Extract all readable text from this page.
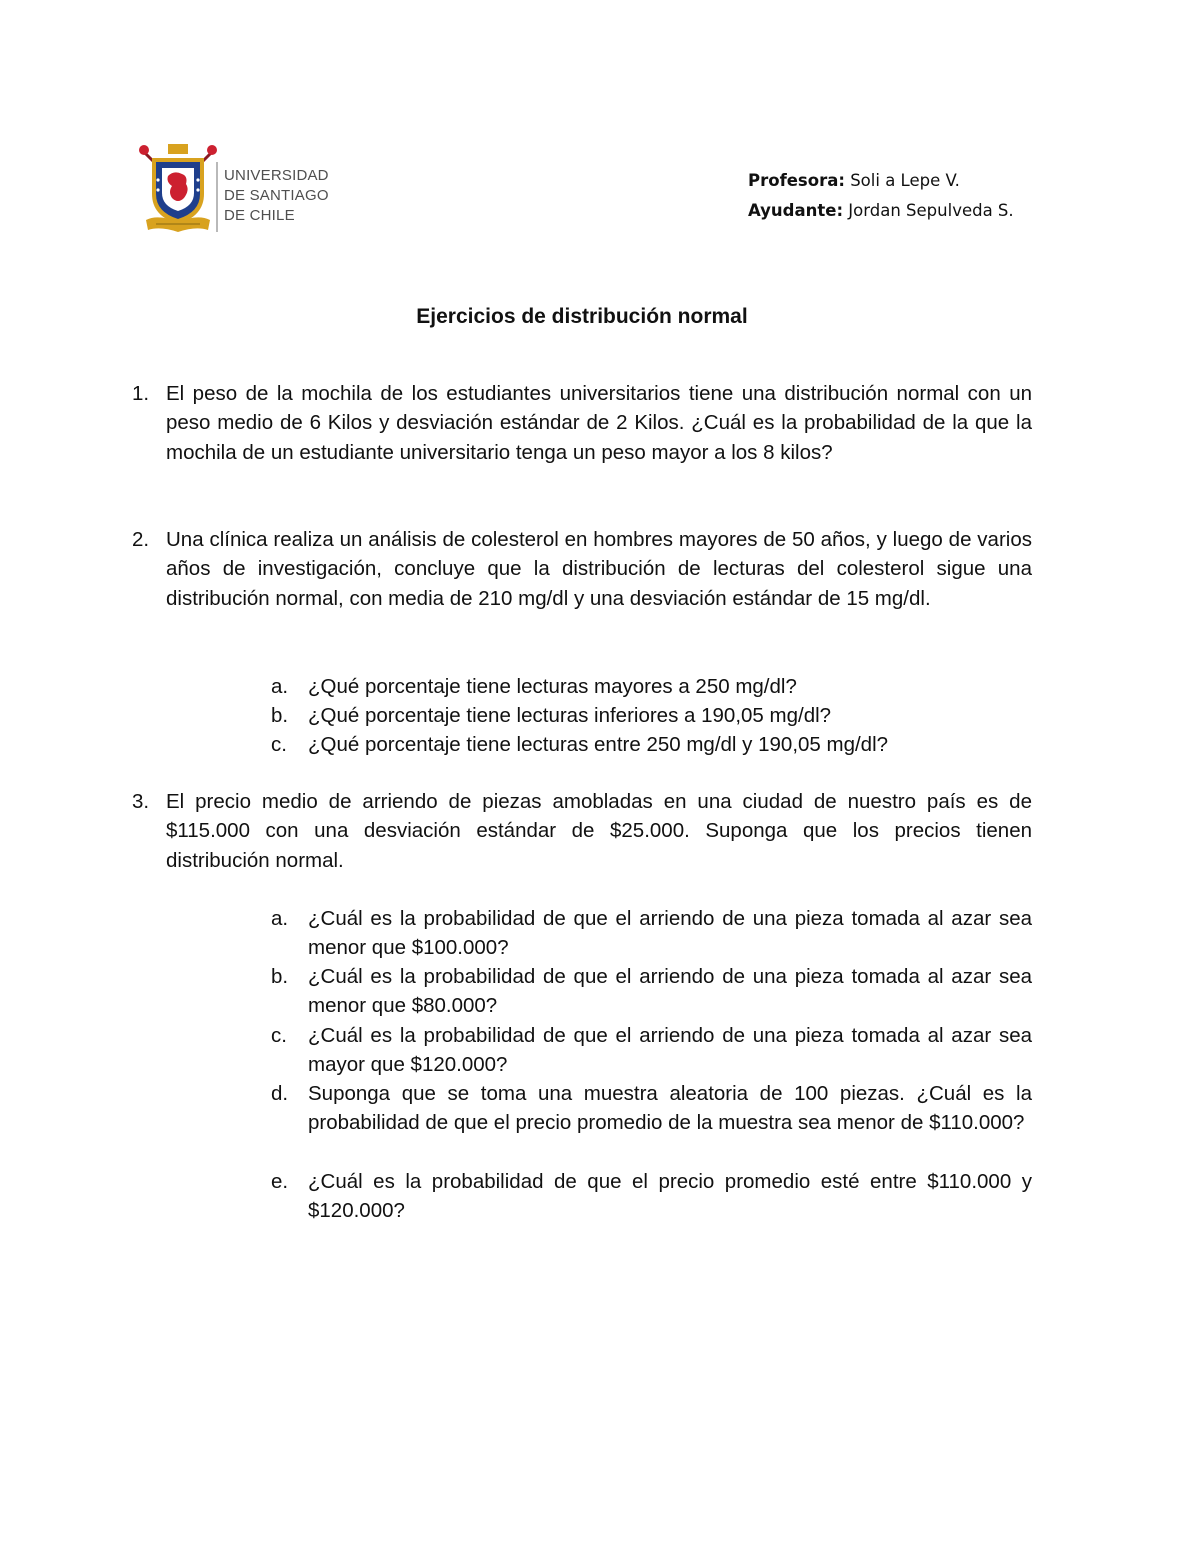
UNIVERSIDAD
DE SANTIAGO
DE CHILE
Profesora: Soli a Lepe V.
Ayudante: Jordan Sepulveda S.
Ejercicios de distribución normal
1. El peso de la mochila de los estudiantes universitarios tiene una distribución normal con un peso medio de 6 Kilos y desviación estándar de 2 Kilos. ¿Cuál es la probabilidad de la que la mochila de un estudiante universitario tenga un peso mayor a los 8 kilos?
2. Una clínica realiza un análisis de colesterol en hombres mayores de 50 años, y luego de varios años de investigación, concluye que la distribución de lecturas del colesterol sigue una distribución normal, con media de 210 mg/dl y una desviación estándar de 15 mg/dl.
a. ¿Qué porcentaje tiene lecturas mayores a 250 mg/dl?
b. ¿Qué porcentaje tiene lecturas inferiores a 190,05 mg/dl?
c. ¿Qué porcentaje tiene lecturas entre 250 mg/dl y 190,05 mg/dl?
3. El precio medio de arriendo de piezas amobladas en una ciudad de nuestro país es de $115.000 con una desviación estándar de $25.000. Suponga que los precios tienen distribución normal.
a. ¿Cuál es la probabilidad de que el arriendo de una pieza tomada al azar sea menor que $100.000?
b. ¿Cuál es la probabilidad de que el arriendo de una pieza tomada al azar sea menor que $80.000?
c. ¿Cuál es la probabilidad de que el arriendo de una pieza tomada al azar sea mayor que $120.000?
d. Suponga que se toma una muestra aleatoria de 100 piezas. ¿Cuál es la probabilidad de que el precio promedio de la muestra sea menor de $110.000?
e. ¿Cuál es la probabilidad de que el precio promedio esté entre $110.000 y $120.000?
